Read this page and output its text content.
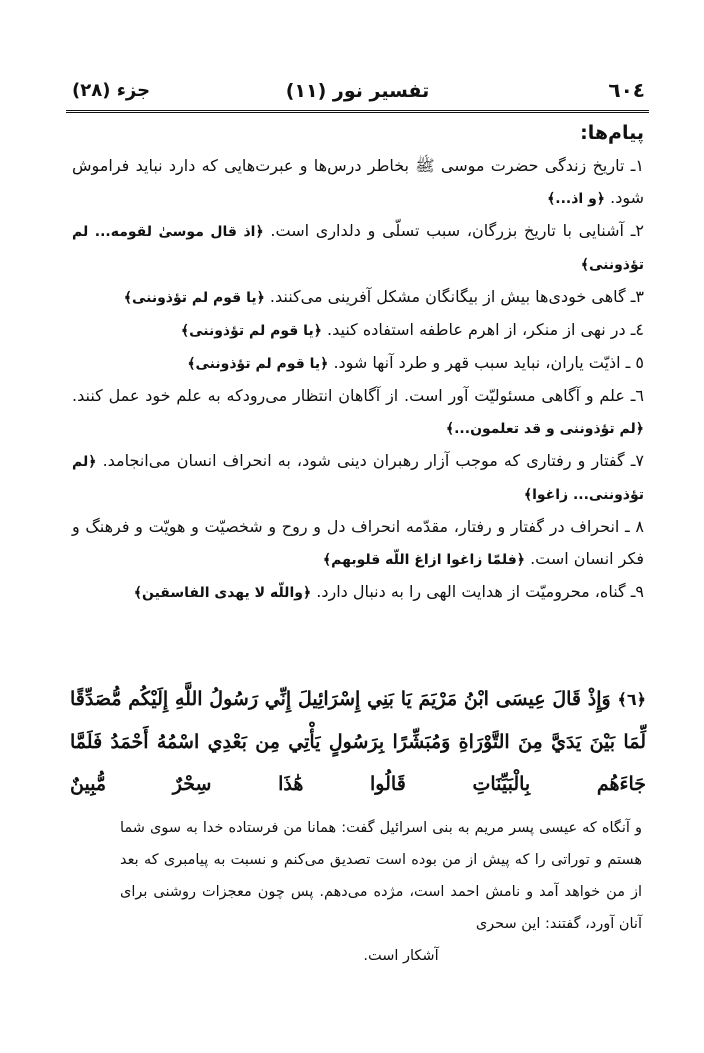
٦٠٤
تفسیر نور (١١)
جزء (٢٨)
پیام‌ها:
١ـ تاریخ زندگی حضرت موسی ﷺ بخاطر درس‌ها و عبرت‌هایی که دارد نباید فراموش شود. ﴿و اذ...﴾
٢ـ آشنایی با تاریخ بزرگان، سبب تسلّی و دلداری است. ﴿اذ قال موسیٰ لقومه... لم تؤذوننی﴾
٣ـ گاهی خودی‌ها بیش از بیگانگان مشکل آفرینی می‌کنند. ﴿یا قوم لم تؤذوننی﴾
٤ـ در نهی از منکر، از اهرم عاطفه استفاده کنید. ﴿یا قوم لم تؤذوننی﴾
٥ ـ اذیّت یاران، نباید سبب قهر و طرد آنها شود. ﴿یا قوم لم تؤذوننی﴾
٦ـ علم و آگاهی مسئولیّت آور است. از آگاهان انتظار می‌رودکه به علم خود عمل کنند. ﴿لم تؤذوننی و قد تعلمون...﴾
٧ـ گفتار و رفتاری که موجب آزار رهبران دینی شود، به انحراف انسان می‌انجامد. ﴿لم تؤذوننی... زاغوا﴾
٨ ـ انحراف در گفتار و رفتار، مقدّمه انحراف دل و روح و شخصیّت و هویّت و فرهنگ و فکر انسان است. ﴿فلمّا زاغوا ازاغ اللّه قلوبهم﴾
٩ـ گناه، محرومیّت از هدایت الهی را به دنبال دارد. ﴿واللّه لا یهدی الفاسقین﴾
﴿٦﴾ وَإِذْ قَالَ عِيسَى ابْنُ مَرْيَمَ يَا بَنِي إِسْرَائِيلَ إِنِّي رَسُولُ اللَّهِ إِلَيْكُم مُّصَدِّقًا لِّمَا بَيْنَ يَدَيَّ مِنَ التَّوْرَاةِ وَمُبَشِّرًا بِرَسُولٍ يَأْتِي مِن بَعْدِي اسْمُهُ أَحْمَدُ فَلَمَّا جَاءَهُم بِالْبَيِّنَاتِ قَالُوا هَٰذَا سِحْرٌ مُّبِينٌ
و آنگاه که عیسی پسر مریم به بنی اسرائیل گفت: همانا من فرستاده خدا به سوی شما هستم و توراتی را که پیش از من بوده است تصدیق می‌کنم و نسبت به پیامبری که بعد از من خواهد آمد و نامش احمد است، مژده می‌دهم. پس چون معجزات روشنی برای آنان آورد، گفتند: این سحری
آشکار است.
